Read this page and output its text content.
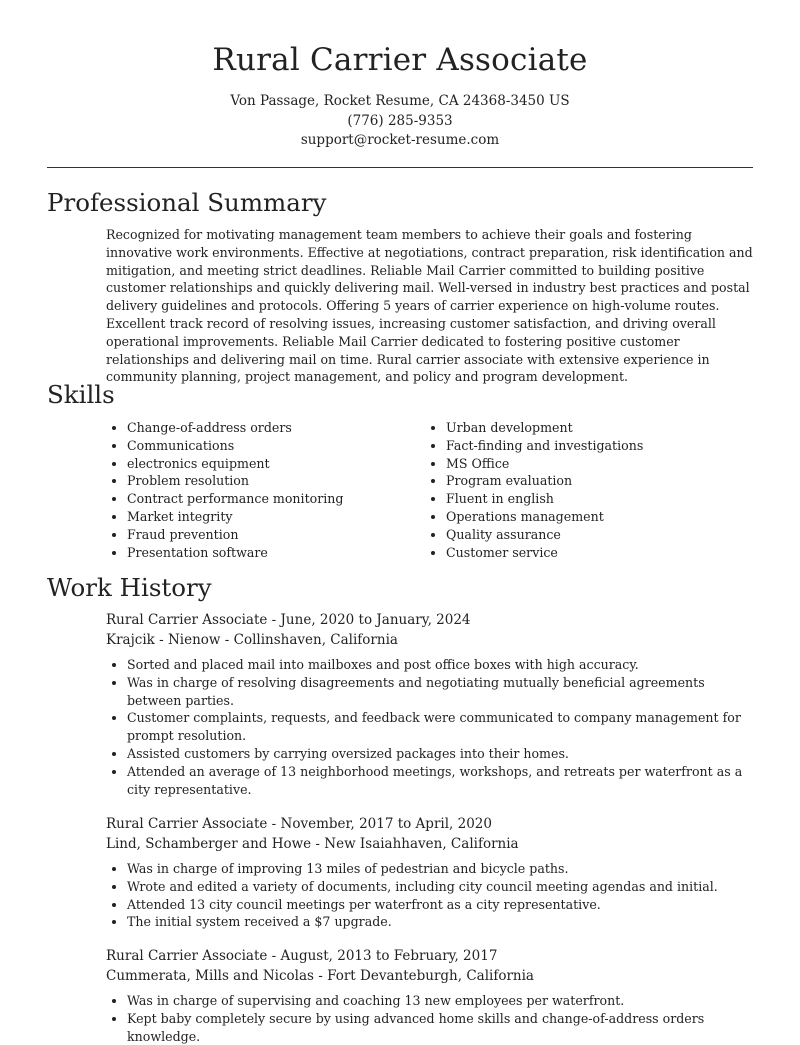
Rural Carrier Associate
Von Passage, Rocket Resume, CA 24368-3450 US
(776) 285-9353
support@rocket-resume.com
Professional Summary

Recognized for motivating management team members to achieve their goals and fostering innovative work environments. Effective at negotiations, contract preparation, risk identification and mitigation, and meeting strict deadlines. Reliable Mail Carrier committed to building positive customer relationships and quickly delivering mail. Well-versed in industry best practices and postal delivery guidelines and protocols. Offering 5 years of carrier experience on high-volume routes. Excellent track record of resolving issues, increasing customer satisfaction, and driving overall operational improvements. Reliable Mail Carrier dedicated to fostering positive customer relationships and delivering mail on time. Rural carrier associate with extensive experience in community planning, project management, and policy and program development.

Skills
• Change-of-address orders
• Communications
• electronics equipment
• Problem resolution
• Contract performance monitoring
• Market integrity
• Fraud prevention
• Presentation software
• Urban development
• Fact-finding and investigations
• MS Office
• Program evaluation
• Fluent in english
• Operations management
• Quality assurance
• Customer service
Work History
Rural Carrier Associate - June, 2020 to January, 2024
Krajcik - Nienow - Collinshaven, California
• Sorted and placed mail into mailboxes and post office boxes with high accuracy.
• Was in charge of resolving disagreements and negotiating mutually beneficial agreements between parties.
• Customer complaints, requests, and feedback were communicated to company management for prompt resolution.
• Assisted customers by carrying oversized packages into their homes.
• Attended an average of 13 neighborhood meetings, workshops, and retreats per waterfront as a city representative.
Rural Carrier Associate - November, 2017 to April, 2020
Lind, Schamberger and Howe - New Isaiahhaven, California
• Was in charge of improving 13 miles of pedestrian and bicycle paths.
• Wrote and edited a variety of documents, including city council meeting agendas and initial.
• Attended 13 city council meetings per waterfront as a city representative.
• The initial system received a $7 upgrade.
Rural Carrier Associate - August, 2013 to February, 2017
Cummerata, Mills and Nicolas - Fort Devanteburgh, California
• Was in charge of supervising and coaching 13 new employees per waterfront.
• Kept baby completely secure by using advanced home skills and change-of-address orders knowledge.
